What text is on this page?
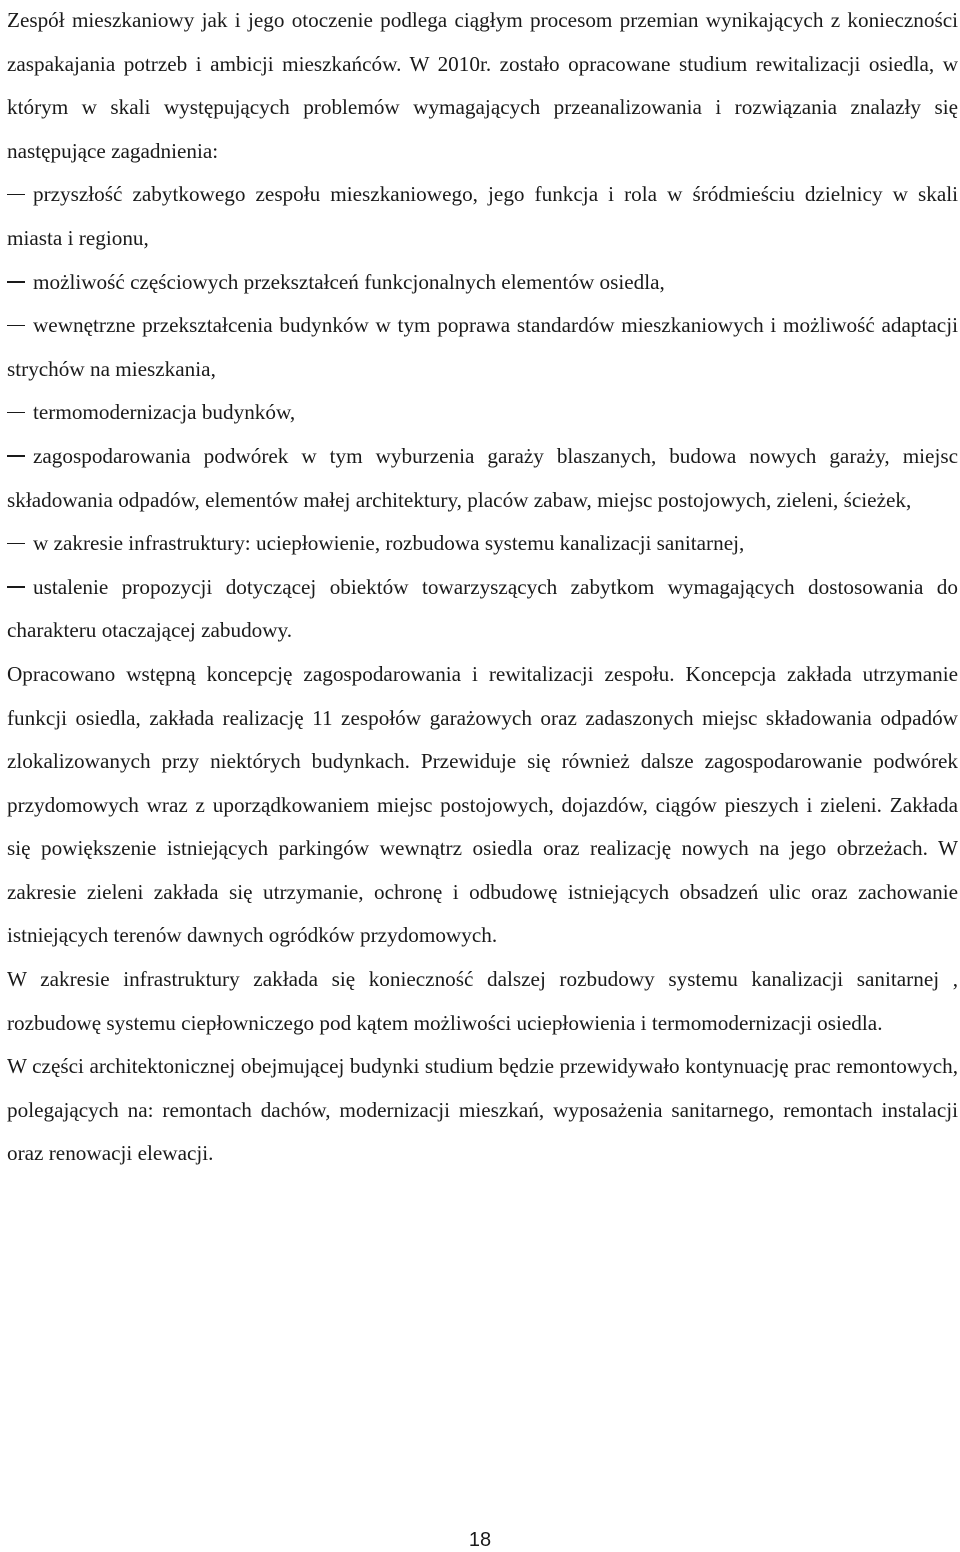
Zespół mieszkaniowy jak i jego otoczenie podlega ciągłym procesom przemian wynikających z konieczności zaspakajania potrzeb i ambicji mieszkańców. W 2010r. zostało opracowane studium rewitalizacji osiedla, w którym w skali występujących problemów wymagających przeanalizowania i rozwiązania znalazły się następujące zagadnienia:

przyszłość zabytkowego zespołu mieszkaniowego, jego funkcja i rola w śródmieściu dzielnicy w skali miasta i regionu,

możliwość częściowych przekształceń funkcjonalnych elementów osiedla,

wewnętrzne przekształcenia budynków w tym poprawa standardów mieszkaniowych i możliwość adaptacji strychów na mieszkania,

termomodernizacja budynków,

zagospodarowania podwórek w tym wyburzenia garaży blaszanych, budowa nowych garaży, miejsc składowania odpadów, elementów małej architektury, placów zabaw, miejsc postojowych, zieleni, ścieżek,

w zakresie infrastruktury: uciepłowienie, rozbudowa systemu kanalizacji sanitarnej,

ustalenie propozycji dotyczącej obiektów towarzyszących zabytkom wymagających dostosowania do charakteru otaczającej zabudowy.

Opracowano wstępną koncepcję zagospodarowania i rewitalizacji zespołu. Koncepcja zakłada utrzymanie funkcji osiedla, zakłada realizację 11 zespołów garażowych oraz zadaszonych miejsc składowania odpadów zlokalizowanych przy niektórych budynkach. Przewiduje się również dalsze zagospodarowanie podwórek przydomowych wraz z uporządkowaniem miejsc postojowych, dojazdów, ciągów pieszych i zieleni. Zakłada się powiększenie istniejących parkingów wewnątrz osiedla oraz realizację nowych na jego obrzeżach. W zakresie zieleni zakłada się utrzymanie, ochronę i odbudowę istniejących obsadzeń ulic oraz zachowanie istniejących terenów dawnych ogródków przydomowych.

W zakresie infrastruktury zakłada się konieczność dalszej rozbudowy systemu kanalizacji sanitarnej , rozbudowę systemu ciepłowniczego pod kątem możliwości uciepłowienia i termomodernizacji osiedla.

W części architektonicznej obejmującej budynki studium będzie przewidywało kontynuację prac remontowych, polegających na: remontach dachów, modernizacji mieszkań, wyposażenia sanitarnego, remontach instalacji oraz renowacji elewacji.

18
